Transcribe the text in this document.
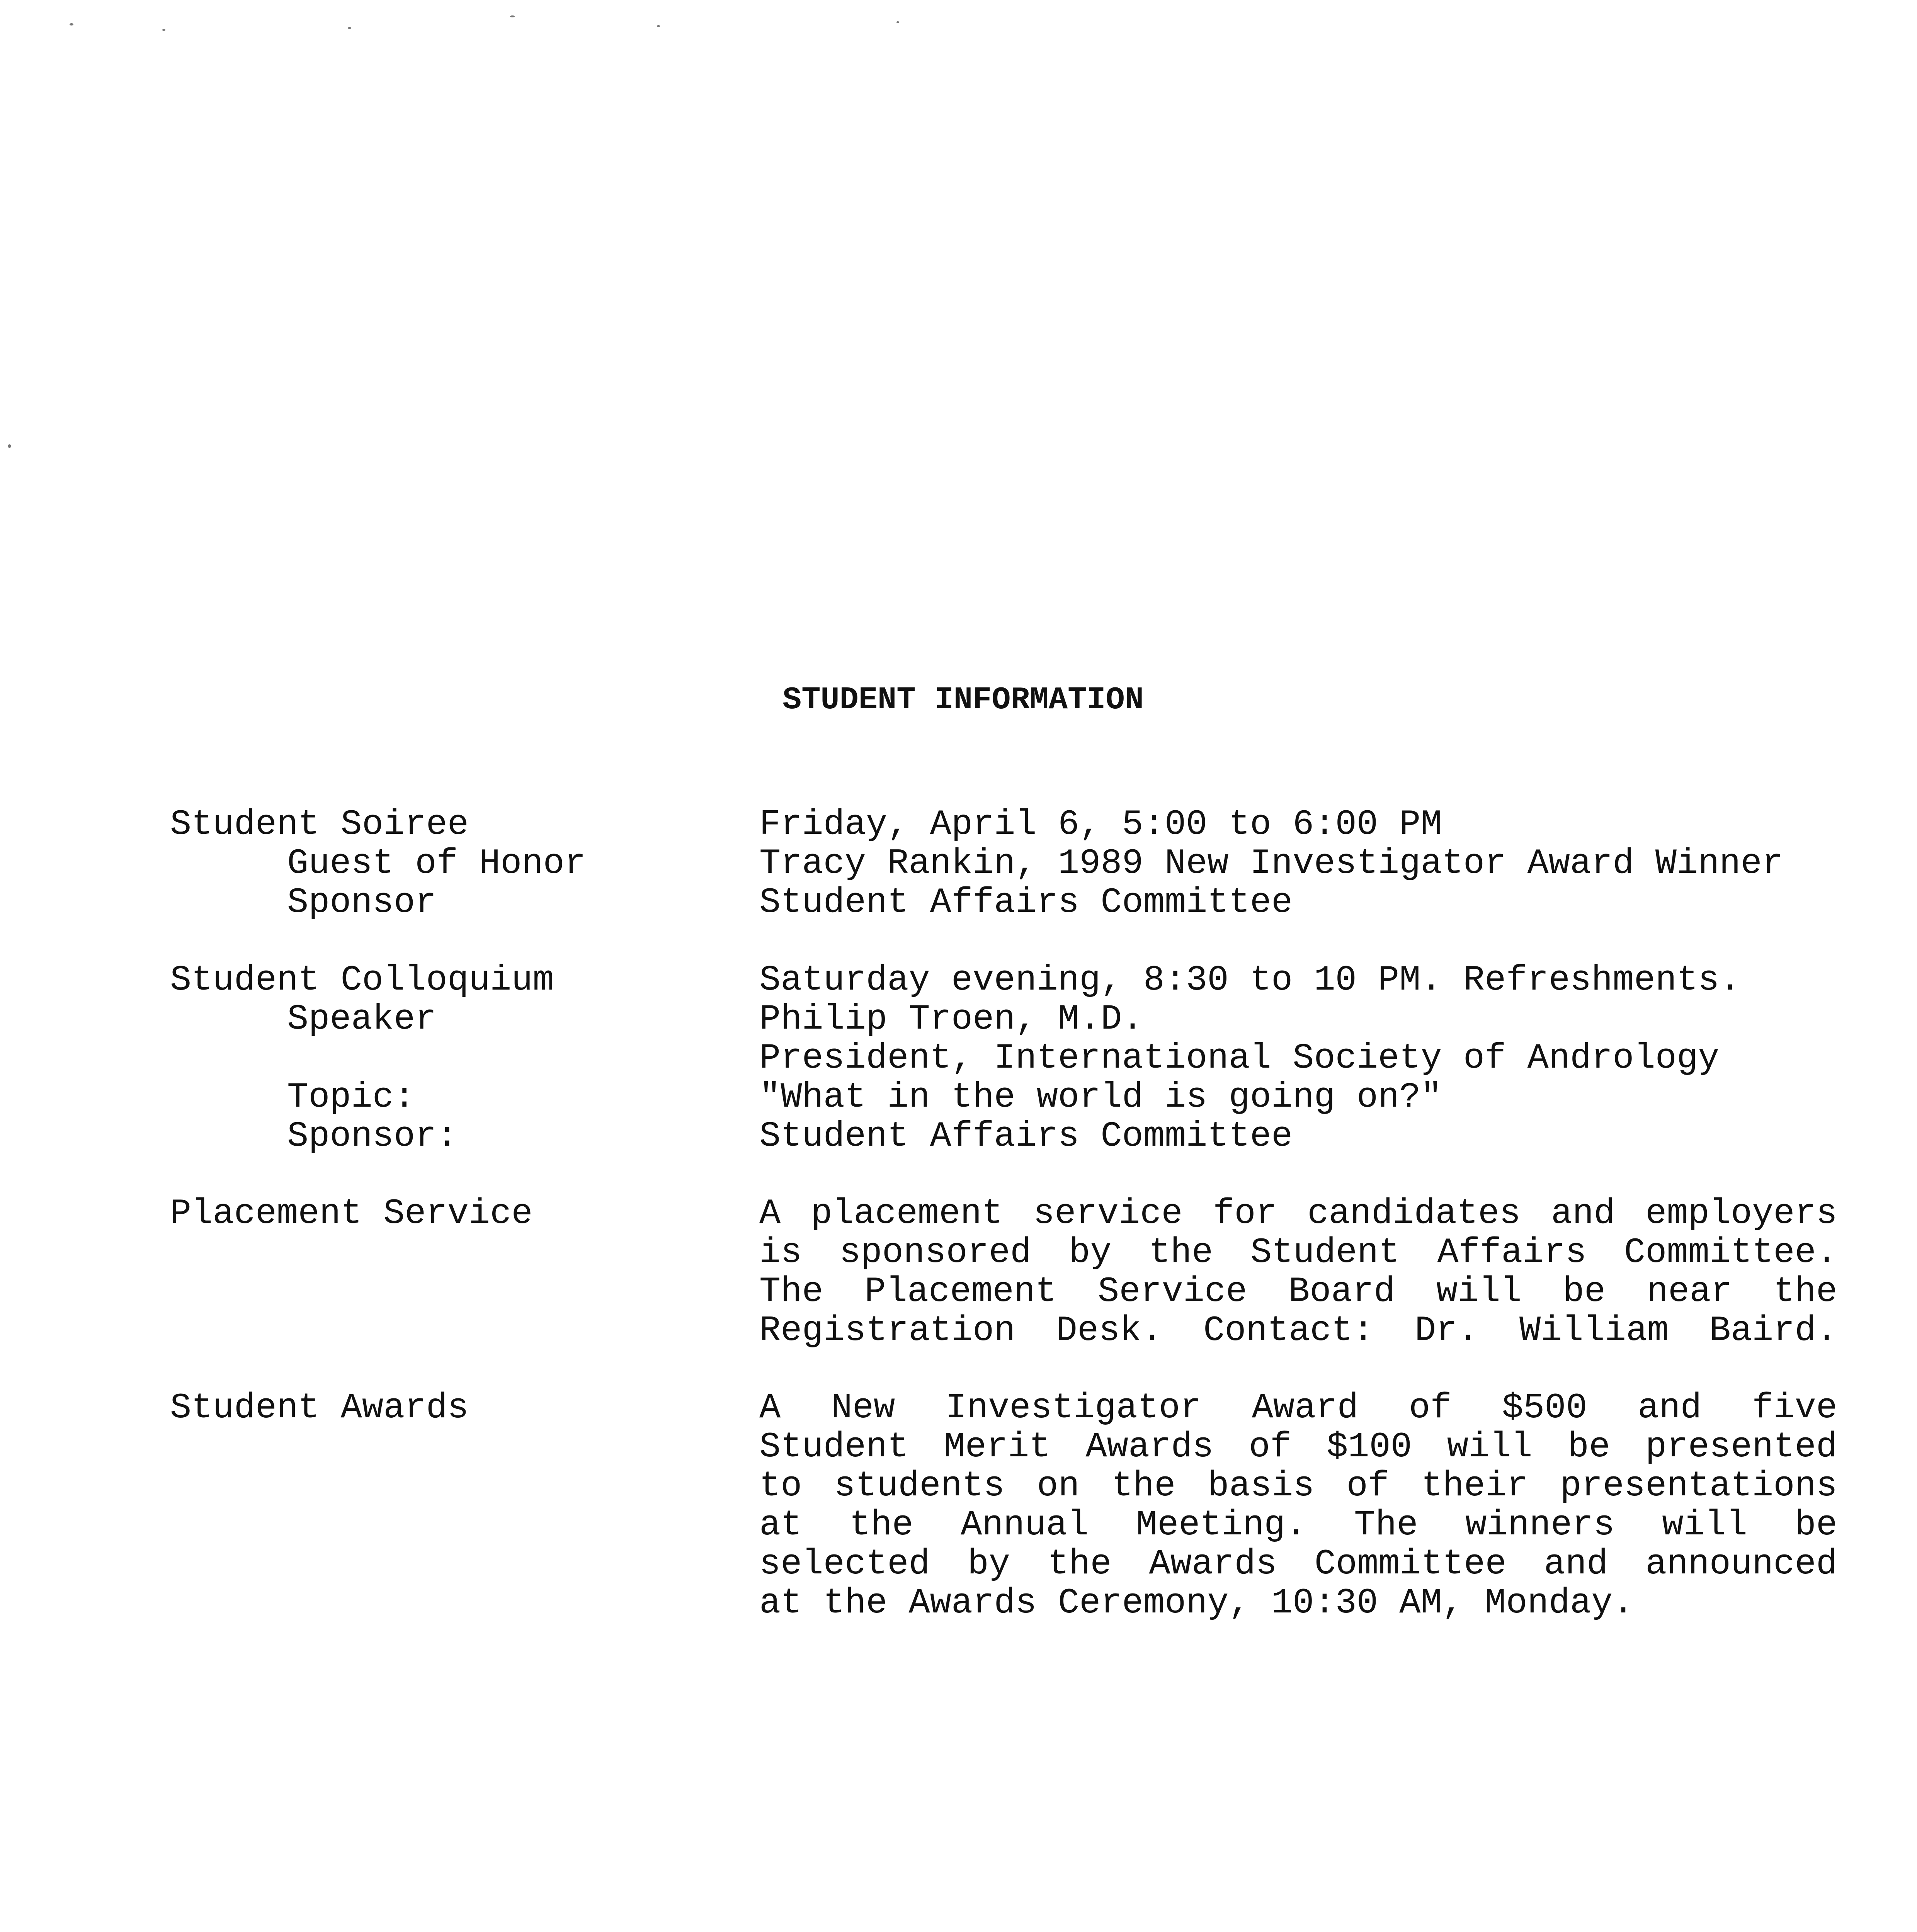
STUDENT INFORMATION
Student Soiree
Guest of Honor
Sponsor
Friday, April 6, 5:00 to 6:00 PM
Tracy Rankin, 1989 New Investigator Award Winner
Student Affairs Committee
Student Colloquium
Speaker
Topic:
Sponsor:
Saturday evening, 8:30 to 10 PM. Refreshments.
Philip Troen, M.D.
President, International Society of Andrology
"What in the world is going on?"
Student Affairs Committee
Placement Service	A placement service for candidates and employers
is sponsored by the Student Affairs Committee.
The Placement Service Board will be near the
Registration Desk. Contact: Dr. William Baird.
Student Awards	A New Investigator Award of $500 and five
Student Merit Awards of $100 will be presented
to students on the basis of their presentations
at the Annual Meeting. The winners will be
selected by the Awards Committee and announced
at the Awards Ceremony, 10:30 AM, Monday.
